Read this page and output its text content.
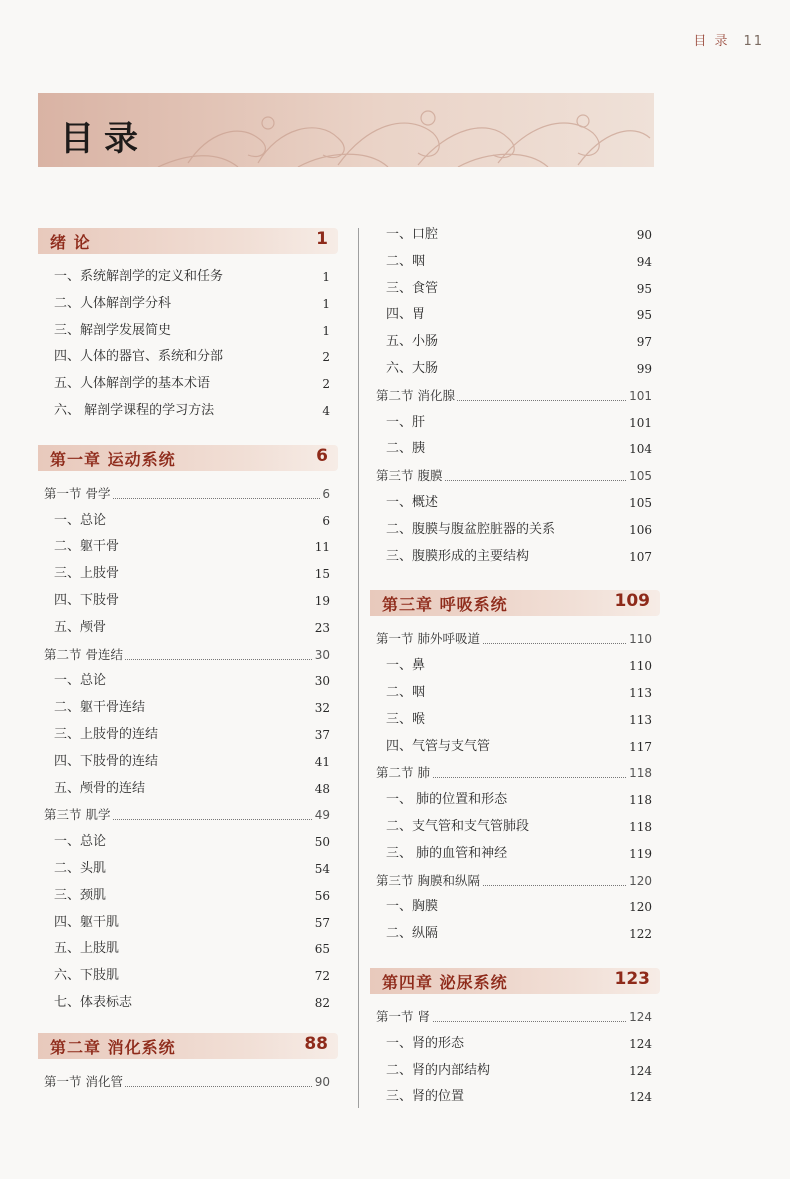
目 录 11
目录
绪 论	1
一、系统解剖学的定义和任务	1
二、人体解剖学分科	1
三、解剖学发展简史	1
四、人体的器官、系统和分部	2
五、人体解剖学的基本术语	2
六、 解剖学课程的学习方法	4
第一章 运动系统	6
第一节 骨学	6
一、总论	6
二、躯干骨	11
三、上肢骨	15
四、下肢骨	19
五、颅骨	23
第二节 骨连结	30
一、总论	30
二、躯干骨连结	32
三、上肢骨的连结	37
四、下肢骨的连结	41
五、颅骨的连结	48
第三节 肌学	49
一、总论	50
二、头肌	54
三、颈肌	56
四、躯干肌	57
五、上肢肌	65
六、下肢肌	72
七、体表标志	82
第二章 消化系统	88
第一节 消化管	90
一、口腔	90
二、咽	94
三、食管	95
四、胃	95
五、小肠	97
六、大肠	99
第二节 消化腺	101
一、肝	101
二、胰	104
第三节 腹膜	105
一、概述	105
二、腹膜与腹盆腔脏器的关系	106
三、腹膜形成的主要结构	107
第三章 呼吸系统	109
第一节 肺外呼吸道	110
一、鼻	110
二、咽	113
三、喉	113
四、气管与支气管	117
第二节 肺	118
一、 肺的位置和形态	118
二、支气管和支气管肺段	118
三、 肺的血管和神经	119
第三节 胸膜和纵隔	120
一、胸膜	120
二、纵隔	122
第四章 泌尿系统	123
第一节 肾	124
一、肾的形态	124
二、肾的内部结构	124
三、肾的位置	124
